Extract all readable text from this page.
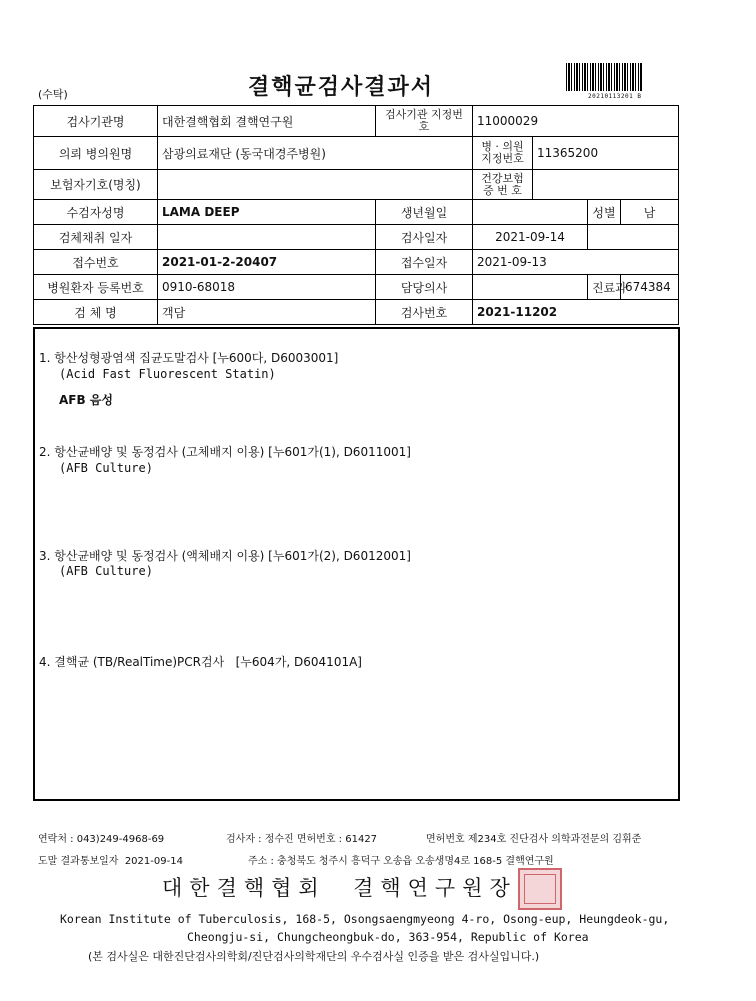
(수탁)	결핵균검사결과서	20210113201 B
검사기관명	대한결핵협회 결핵연구원	검사기관 지정번호	11000029			
의뢰 병의원명	삼광의료재단 (동국대경주병원)		병 · 의원 지정번호	11365200		
보험자기호(명칭)			건강보험 증 번 호			
수검자성명	LAMA DEEP	생년월일			성별	남
검체채취 일자		검사일자	2021-09-14			
접수번호	2021-01-2-20407	접수일자	2021-09-13			
병원환자 등록번호	0910-68018	담당의사			진료과	674384
검 체 명	객담	검사번호	2021-11202			
1. 항산성형광염색 집균도말검사 [누600다, D6003001]
(Acid Fast Fluorescent Statin)
AFB 음성
2. 항산균배양 및 동정검사 (고체배지 이용) [누601가(1), D6011001]
(AFB Culture)
3. 항산균배양 및 동정검사 (액체배지 이용) [누601가(2), D6012001]
(AFB Culture)
4. 결핵균 (TB/RealTime)PCR검사   [누604가, D604101A]
연락처 : 043)249-4968-69	검사자 : 정수진 면허번호 : 61427	면허번호 제234호 진단검사 의학과전문의 김휘준
도말 결과통보일자  2021-09-14	주소 : 충청북도 청주시 흥덕구 오송읍 오송생명4로 168-5 결핵연구원
대한결핵협회  결핵연구원장
Korean Institute of Tuberculosis, 168-5, Osongsaengmyeong 4-ro, Osong-eup, Heungdeok-gu,
Cheongju-si, Chungcheongbuk-do, 363-954, Republic of Korea
(본 검사실은 대한진단검사의학회/진단검사의학재단의 우수검사실 인증을 받은 검사실입니다.)
